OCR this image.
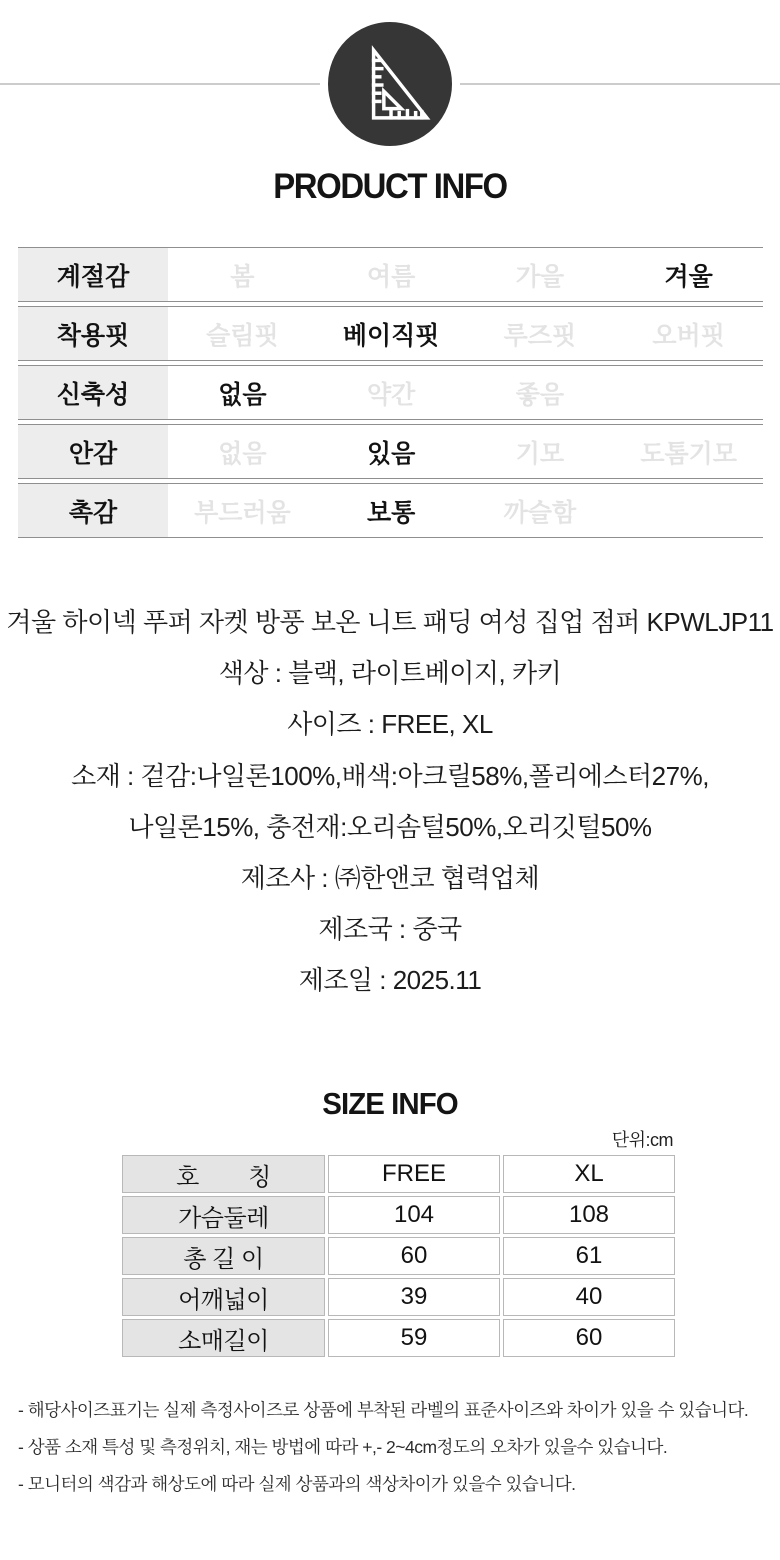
PRODUCT INFO
계절감	봄	여름	가을	겨울
착용핏	슬림핏	베이직핏	루즈핏	오버핏
신축성	없음	약간	좋음
안감	없음	있음	기모	도톰기모
촉감	부드러움	보통	까슬함
겨울 하이넥 푸퍼 자켓 방풍 보온 니트 패딩 여성 집업 점퍼 KPWLJP11
색상 : 블랙, 라이트베이지, 카키
사이즈 : FREE, XL
소재 : 겉감:나일론100%,배색:아크릴58%,폴리에스터27%,
나일론15%, 충전재:오리솜털50%,오리깃털50%
제조사 : ㈜한앤코 협력업체
제조국 : 중국
제조일 : 2025.11
SIZE INFO
단위:cm
호        칭	FREE	XL
가슴둘레	104	108
총 길 이	60	61
어깨넓이	39	40
소매길이	59	60
- 해당사이즈표기는 실제 측정사이즈로 상품에 부착된 라벨의 표준사이즈와 차이가 있을 수 있습니다.
- 상품 소재 특성 및 측정위치, 재는 방법에 따라 +,- 2~4cm정도의 오차가 있을수 있습니다.
- 모니터의 색감과 해상도에 따라 실제 상품과의 색상차이가 있을수 있습니다.
